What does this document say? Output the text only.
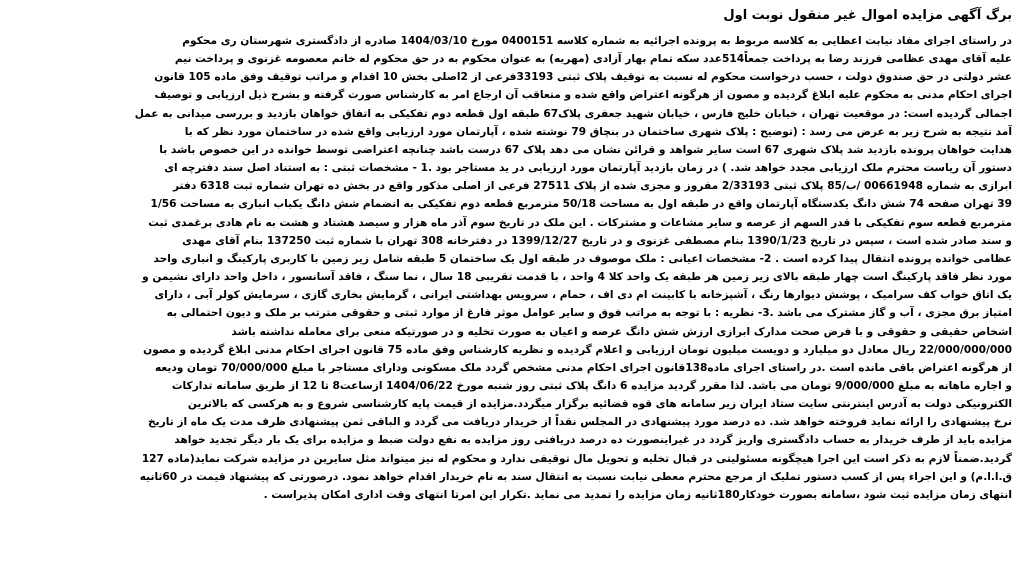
برگ آگهی مزایده اموال غیر منقول نوبت اول
در راستای اجرای مفاد نیابت اعطایی به کلاسه مربوط به پرونده اجرائیه به شماره کلاسه 0400151 مورخ 1404/03/10 صادره از دادگستری شهرستان ری محکوم
علیه آقای مهدی عظامی فرزند رضا به پرداخت جمعاً514عدد سکه تمام بهار آزادی (مهریه) به عنوان محکوم به در حق محکوم له خانم معصومه غزنوی و پرداخت نیم
عشر دولتی در حق صندوق دولت ، حسب درخواست محکوم له نسبت به توقیف پلاک ثبتی 33193فرعی از 2اصلی بخش 10 اقدام و مراتب توقیف وفق ماده 105 قانون
اجرای احکام مدنی به محکوم علیه ابلاغ گردیده و مصون از هرگونه اعتراض واقع شده و متعاقب آن ارجاع امر به کارشناس صورت گرفته و بشرح ذیل ارزیابی و توصیف
اجمالی گردیده است: در موقعیت تهران ، خیابان خلیج فارس ، خیابان شهید جعفری پلاک67 طبقه اول قطعه دوم تفکیکی به اتفاق خواهان بازدید و بررسی میدانی به عمل
آمد نتیجه به شرح زیر به عرض می رسد : (توضیح : پلاک شهری ساختمان در بنچاق 79 نوشته شده ، آپارتمان مورد ارزیابی واقع شده در ساختمان مورد نظر که با
هدایت خواهان پرونده بازدید شد پلاک شهری 67 است سایر شواهد و قرائن نشان می دهد پلاک 67 درست باشد چنانچه اعتراضی توسط خوانده در این خصوص باشد با
دستور آن ریاست محترم ملک ارزیابی مجدد خواهد شد. ) در زمان بازدید آپارتمان مورد ارزیابی در ید مستاجر بود .1 - مشخصات ثبتی : به استناد اصل سند دفترچه ای
ابرازی به شماره 00661948 /ب/85 پلاک ثبتی 2/33193 مفروز و مجزی شده از پلاک 27511 فرعی از اصلی مذکور واقع در بخش ده تهران شماره ثبت 6318 دفتر
39 تهران صفحه 74 شش دانگ یکدستگاه آپارتمان واقع در طبقه اول به مساحت 50/18 مترمربع قطعه دوم تفکیکی به انضمام شش دانگ یکباب انباری به مساحت 1/56
مترمربع قطعه سوم تفکیکی با قدر السهم از عرصه و سایر مشاعات و مشترکات . این ملک در تاریخ سوم آذر ماه هزار و سیصد هشتاد و هشت به نام هادی برغمدی ثبت
و سند صادر شده است ، سپس در تاریخ 1390/1/23 بنام مصطفی غزنوی و در تاریخ 1399/12/27 در دفترخانه 308 تهران با شماره ثبت 137250 بنام آقای مهدی
عظامی خوانده پرونده انتقال پیدا کرده است . 2- مشخصات اعیانی : ملک موصوف در طبقه اول یک ساختمان 5 طبقه شامل زیر زمین با کاربری پارکینگ و انباری واحد
مورد نظر فاقد پارکینگ است چهار طبقه بالای زیر زمین هر طبقه یک واحد کلا 4 واحد ، با قدمت تقریبی 18 سال ، نما سنگ ، فاقد آسانسور ، داخل واحد دارای نشیمن و
یک اتاق خواب کف سرامیک ، پوشش دیوارها رنگ ، آشپزخانه با کابینت ام دی اف ، حمام ، سرویس بهداشتی ایرانی ، گرمایش بخاری گازی ، سرمایش کولر آبی ، دارای
امتیاز برق مجزی ، آب و گاز مشترک می باشد .3- نظریه : با توجه به مراتب فوق و سایر عوامل موثر فارغ از موارد ثبتی و حقوقی مترتب بر ملک و دیون احتمالی به
اشخاص حقیقی و حقوقی و با فرض صحت مدارک ابرازی ارزش شش دانگ عرصه و اعیان به صورت تخلیه و در صورتیکه منعی برای معامله نداشته باشد
22/000/000/000 ریال معادل دو میلیارد و دویست میلیون تومان ارزیابی و اعلام گردیده و نظریه کارشناس وفق ماده 75 قانون اجرای احکام مدنی ابلاغ گردیده و مصون
از هرگونه اعتراض باقی مانده است .در راستای اجرای ماده138قانون اجرای احکام مدنی مشخص گردد ملک مسکونی ودارای مستاجر با مبلغ 70/000/000 تومان ودیعه
و اجاره ماهانه به مبلغ 9/000/000 تومان می باشد. لذا مقرر گردید مزایده 6 دانگ پلاک ثبتی روز شنبه مورخ 1404/06/22 ازساعت8 تا 12 از طریق سامانه تدارکات
الکترونیکی دولت به آدرس اینترنتی سایت ستاد ایران زیر سامانه های قوه قضائیه برگزار میگردد.مزایده از قیمت پایه کارشناسی شروع و به هرکسی که بالاترین
نرخ پیشنهادی را ارائه نماید فروخته خواهد شد. ده درصد مورد پیشنهادی در المجلس نقداً از خریدار دریافت می گردد و الباقی ثمن پیشنهادی ظرف مدت یک ماه از تاریخ
مزایده باید از طرف خریدار به حساب دادگستری واریز گردد در غیراینصورت ده درصد دریافتی روز مزایده به نفع دولت ضبط و مزایده برای یک بار دیگر تجدید خواهد
گردید.ضمناً لازم به ذکر است این اجرا هیچگونه مسئولیتی در قبال تخلیه و تحویل مال توقیفی ندارد و محکوم له نیز میتواند مثل سایرین در مزایده شرکت نماید(ماده 127
ق.ا.ا.م) و این اجراء پس از کسب دستور تملیک از مرجع محترم معطی نیابت نسبت به انتقال سند به نام خریدار اقدام خواهد نمود. درصورتی که پیشنهاد قیمت در 60ثانیه
انتهای زمان مزایده ثبت شود ،سامانه بصورت خودکار180ثانیه زمان مزایده را تمدید می نماید .تکرار این امرتا انتهای وقت اداری امکان پذیراست .
